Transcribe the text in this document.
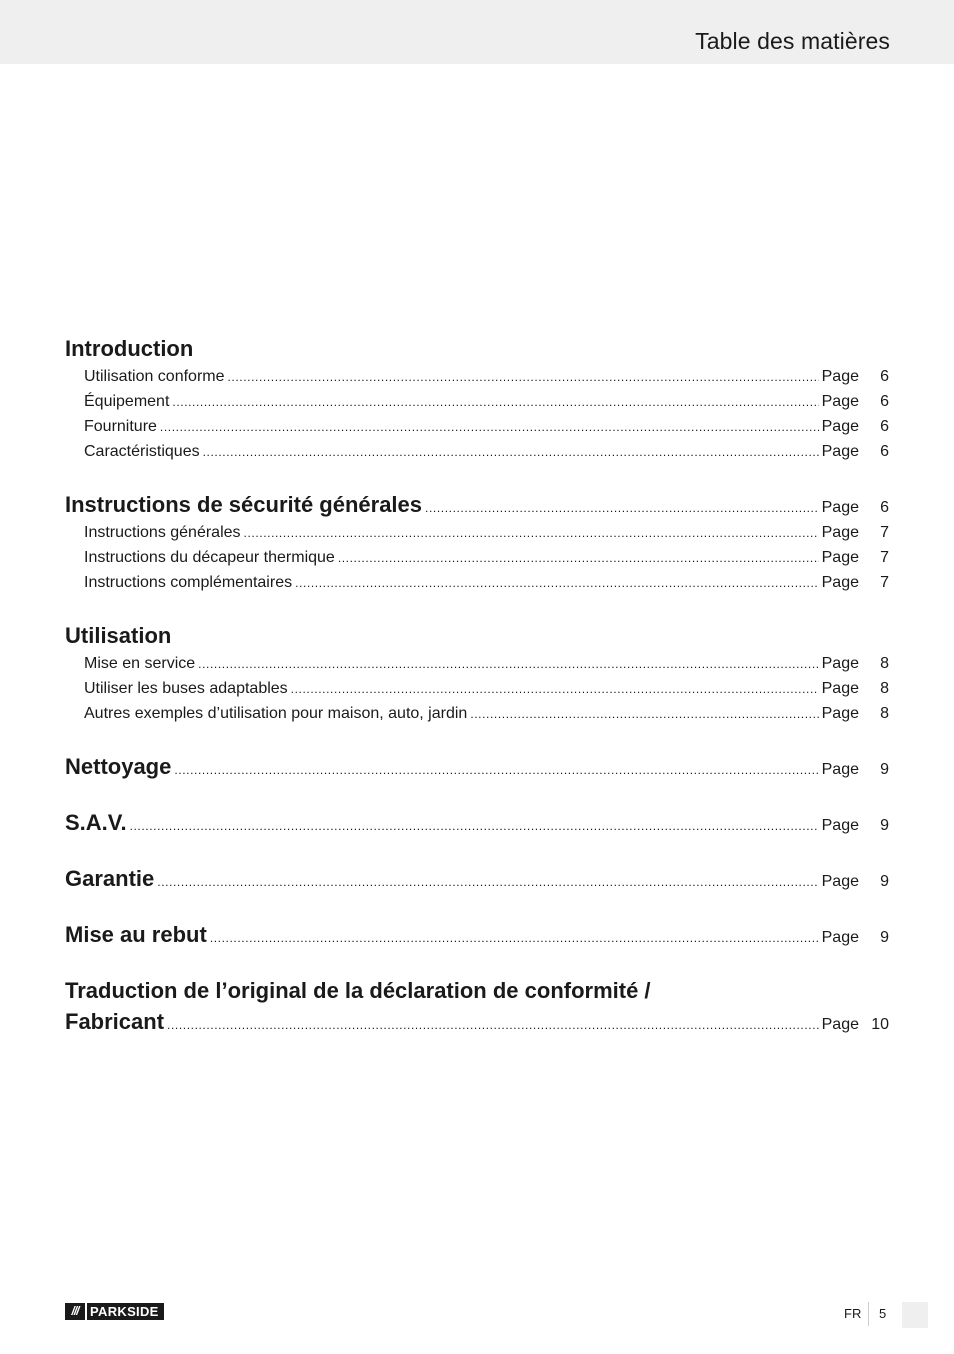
Table des matières
Introduction
Utilisation conforme .....	Page	6
Équipement .....	Page	6
Fourniture .....	Page	6
Caractéristiques .....	Page	6
Instructions de sécurité générales .....	Page	6
Instructions générales .....	Page	7
Instructions du décapeur thermique .....	Page	7
Instructions complémentaires .....	Page	7
Utilisation
Mise en service .....	Page	8
Utiliser les buses adaptables .....	Page	8
Autres exemples d’utilisation pour maison, auto, jardin .....	Page	8
Nettoyage .....	Page	9
S.A.V. .....	Page	9
Garantie .....	Page	9
Mise au rebut .....	Page	9
Traduction de l’original de la déclaration de conformité /
Fabricant .....	Page 10
/// PARKSIDE	FR 5
